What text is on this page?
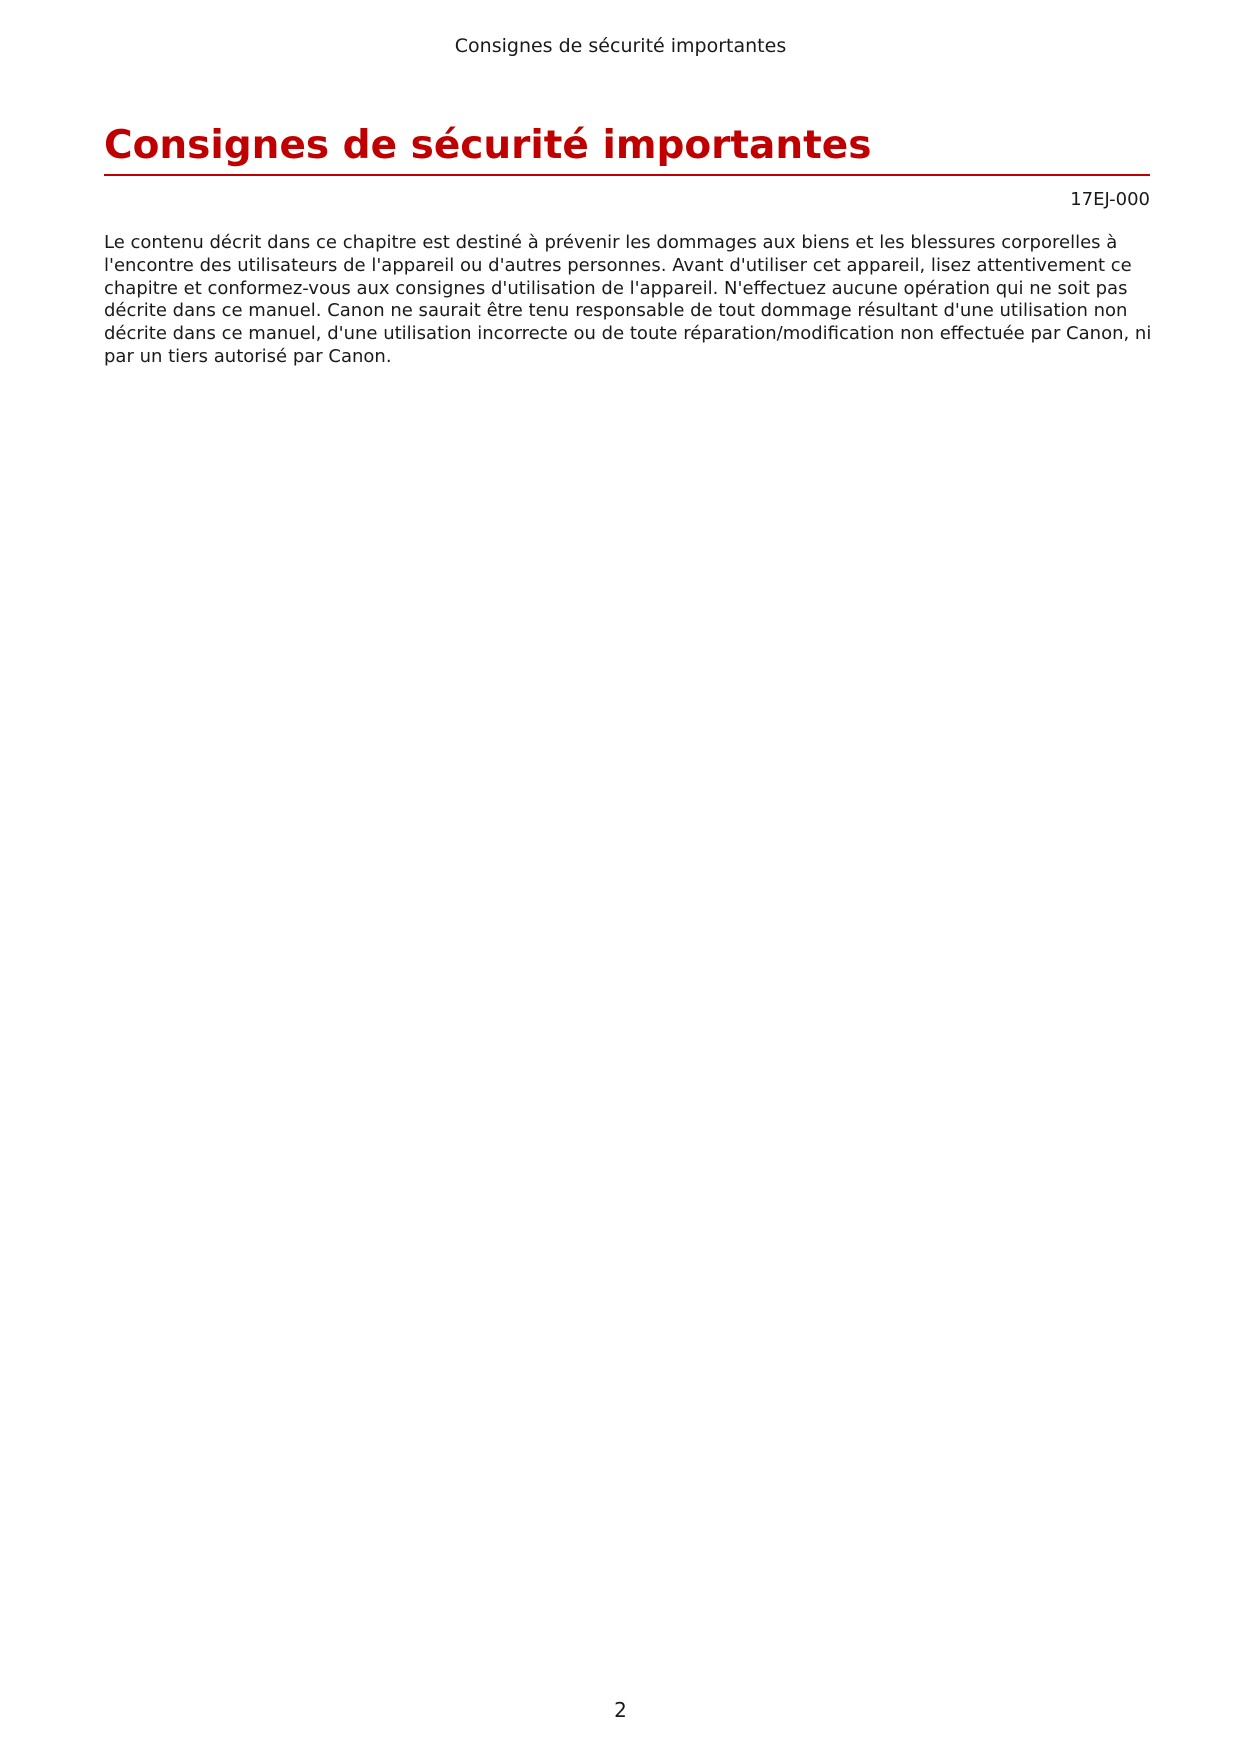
Consignes de sécurité importantes
Consignes de sécurité importantes
17EJ-000

Le contenu décrit dans ce chapitre est destiné à prévenir les dommages aux biens et les blessures corporelles à
l'encontre des utilisateurs de l'appareil ou d'autres personnes. Avant d'utiliser cet appareil, lisez attentivement ce
chapitre et conformez-vous aux consignes d'utilisation de l'appareil. N'effectuez aucune opération qui ne soit pas
décrite dans ce manuel. Canon ne saurait être tenu responsable de tout dommage résultant d'une utilisation non
décrite dans ce manuel, d'une utilisation incorrecte ou de toute réparation/modification non effectuée par Canon, ni
par un tiers autorisé par Canon.

2
